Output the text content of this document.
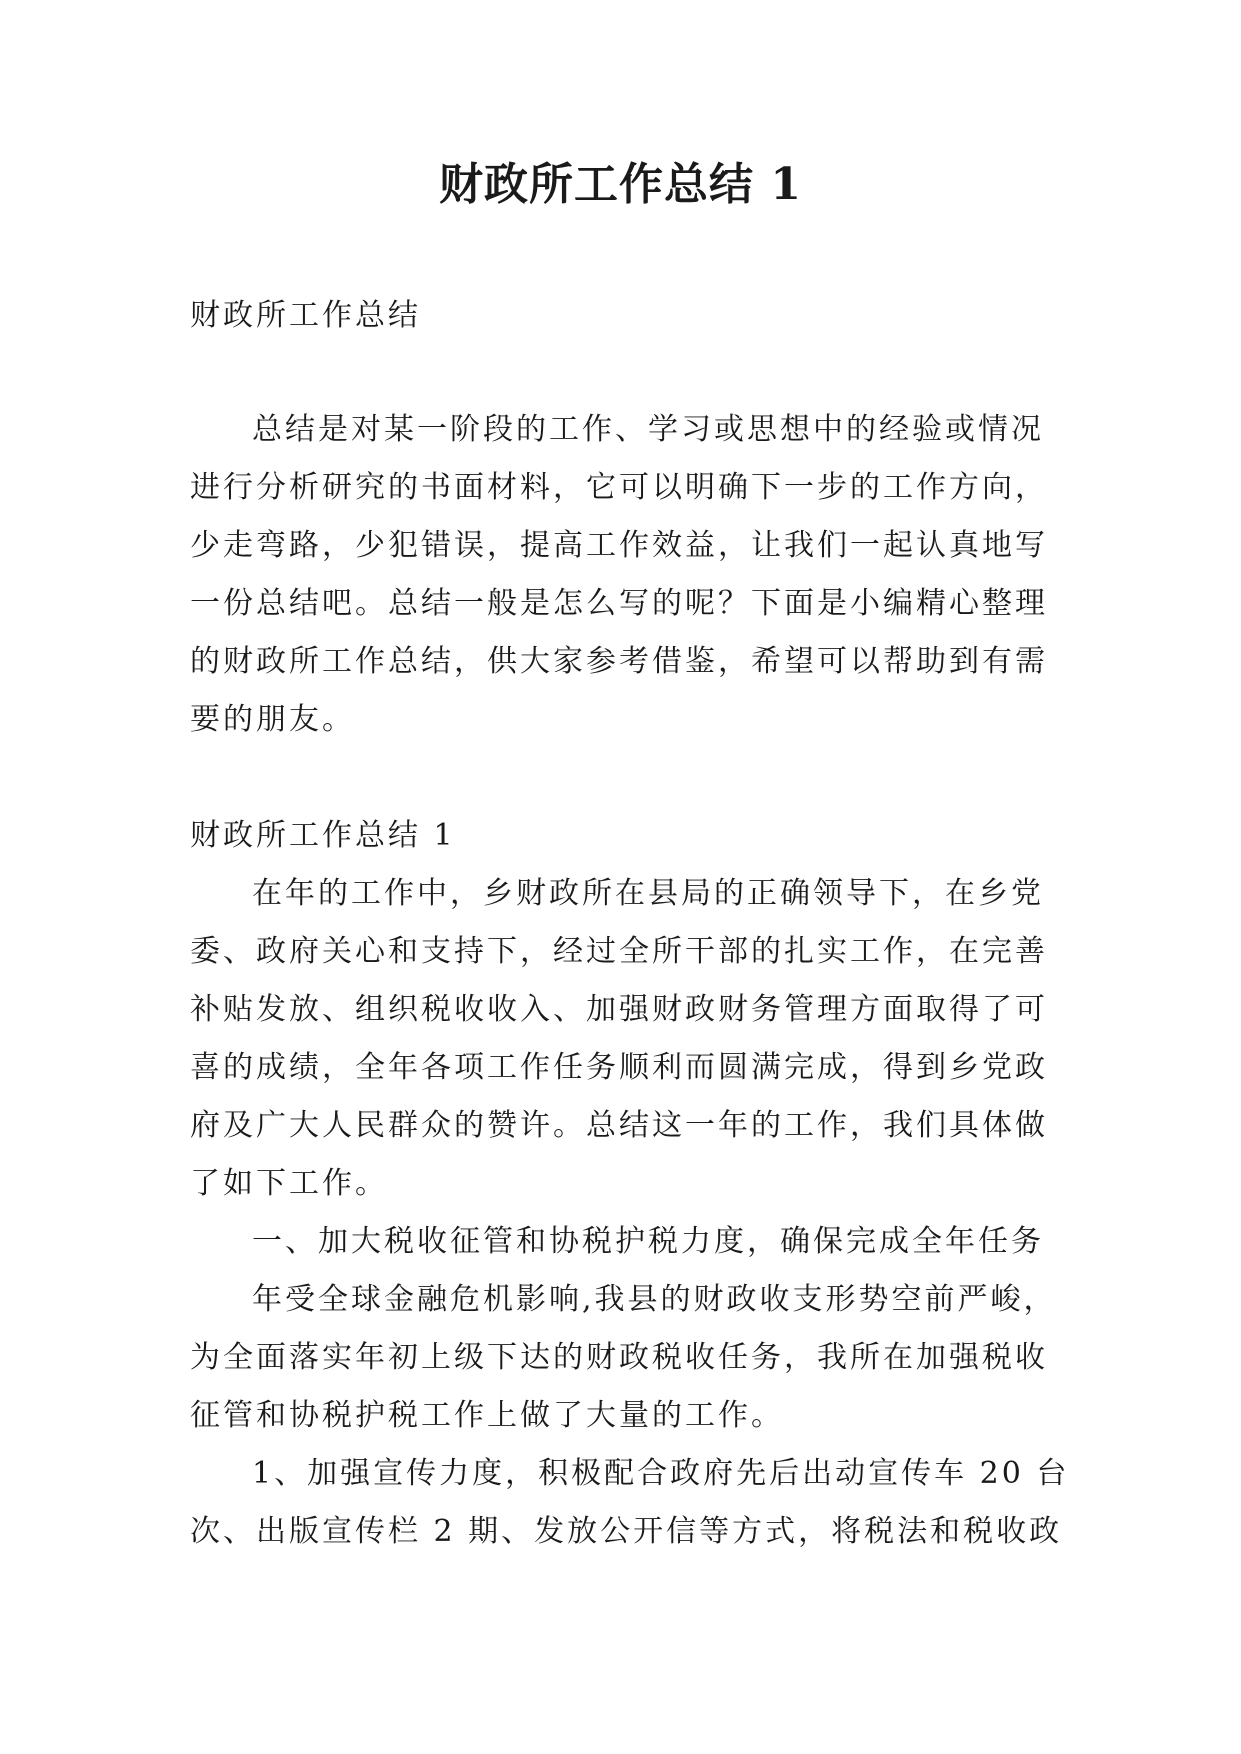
财政所工作总结 1
财政所工作总结
总结是对某一阶段的工作、学习或思想中的经验或情况
进行分析研究的书面材料，它可以明确下一步的工作方向，
少走弯路，少犯错误，提高工作效益，让我们一起认真地写
一份总结吧。总结一般是怎么写的呢？下面是小编精心整理
的财政所工作总结，供大家参考借鉴，希望可以帮助到有需
要的朋友。
财政所工作总结 1
在年的工作中，乡财政所在县局的正确领导下，在乡党
委、政府关心和支持下，经过全所干部的扎实工作，在完善
补贴发放、组织税收收入、加强财政财务管理方面取得了可
喜的成绩，全年各项工作任务顺利而圆满完成，得到乡党政
府及广大人民群众的赞许。总结这一年的工作，我们具体做
了如下工作。
一、加大税收征管和协税护税力度，确保完成全年任务
年受全球金融危机影响,我县的财政收支形势空前严峻，
为全面落实年初上级下达的财政税收任务，我所在加强税收
征管和协税护税工作上做了大量的工作。
1、加强宣传力度，积极配合政府先后出动宣传车 20 台
次、出版宣传栏 2 期、发放公开信等方式，将税法和税收政
